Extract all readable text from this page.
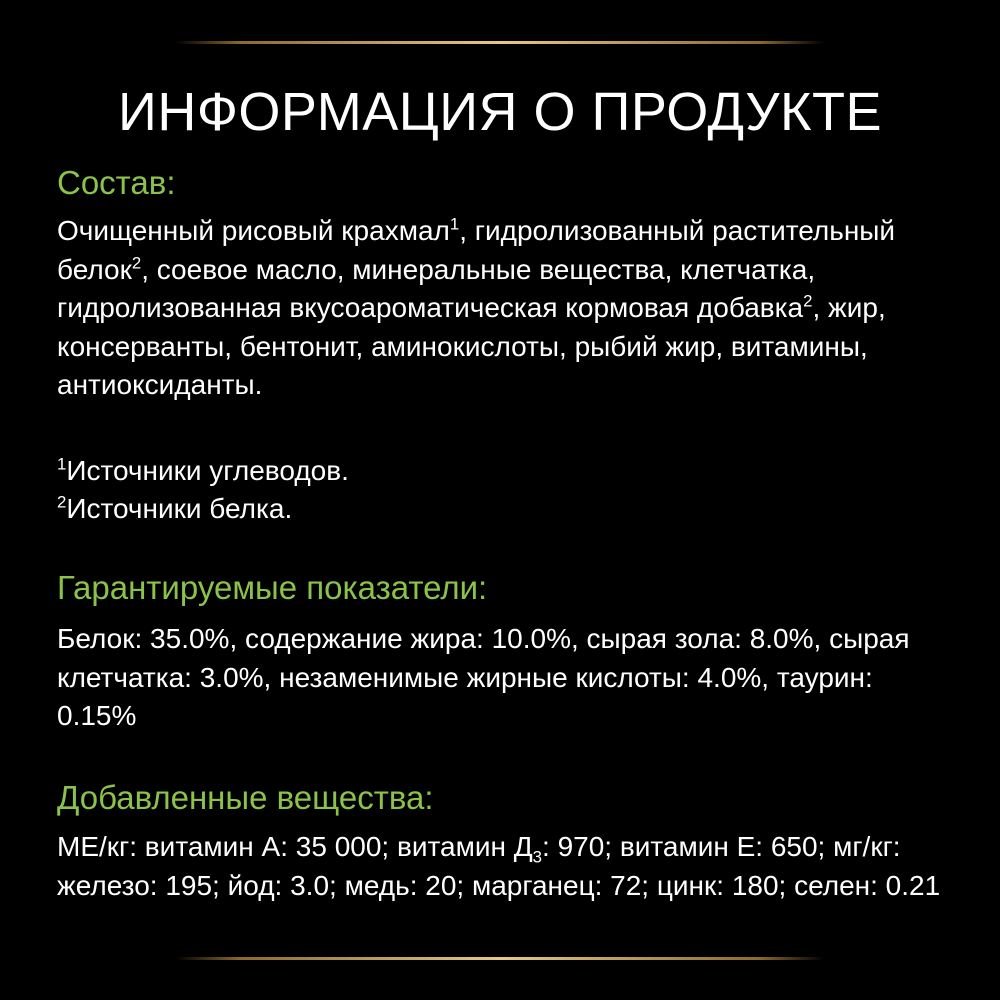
ИНФОРМАЦИЯ О ПРОДУКТЕ
Состав:
Очищенный рисовый крахмал$^1$, гидролизованный растительный белок$^2$, соевое масло, минеральные вещества, клетчатка, гидролизованная вкусоароматическая кормовая добавка$^2$, жир, консерванты, бентонит, аминокислоты, рыбий жир, витамины, антиоксиданты.
$^1$Источники углеводов.
$^2$Источники белка.
Гарантируемые показатели:
Белок: 35.0%, содержание жира: 10.0%, сырая зола: 8.0%, сырая клетчатка: 3.0%, незаменимые жирные кислоты: 4.0%, таурин: 0.15%
Добавленные вещества:
МЕ/кг: витамин А: 35 000; витамин $Д_3$: 970; витамин Е: 650; мг/кг: железо: 195; йод: 3.0; медь: 20; марганец: 72; цинк: 180; селен: 0.21
